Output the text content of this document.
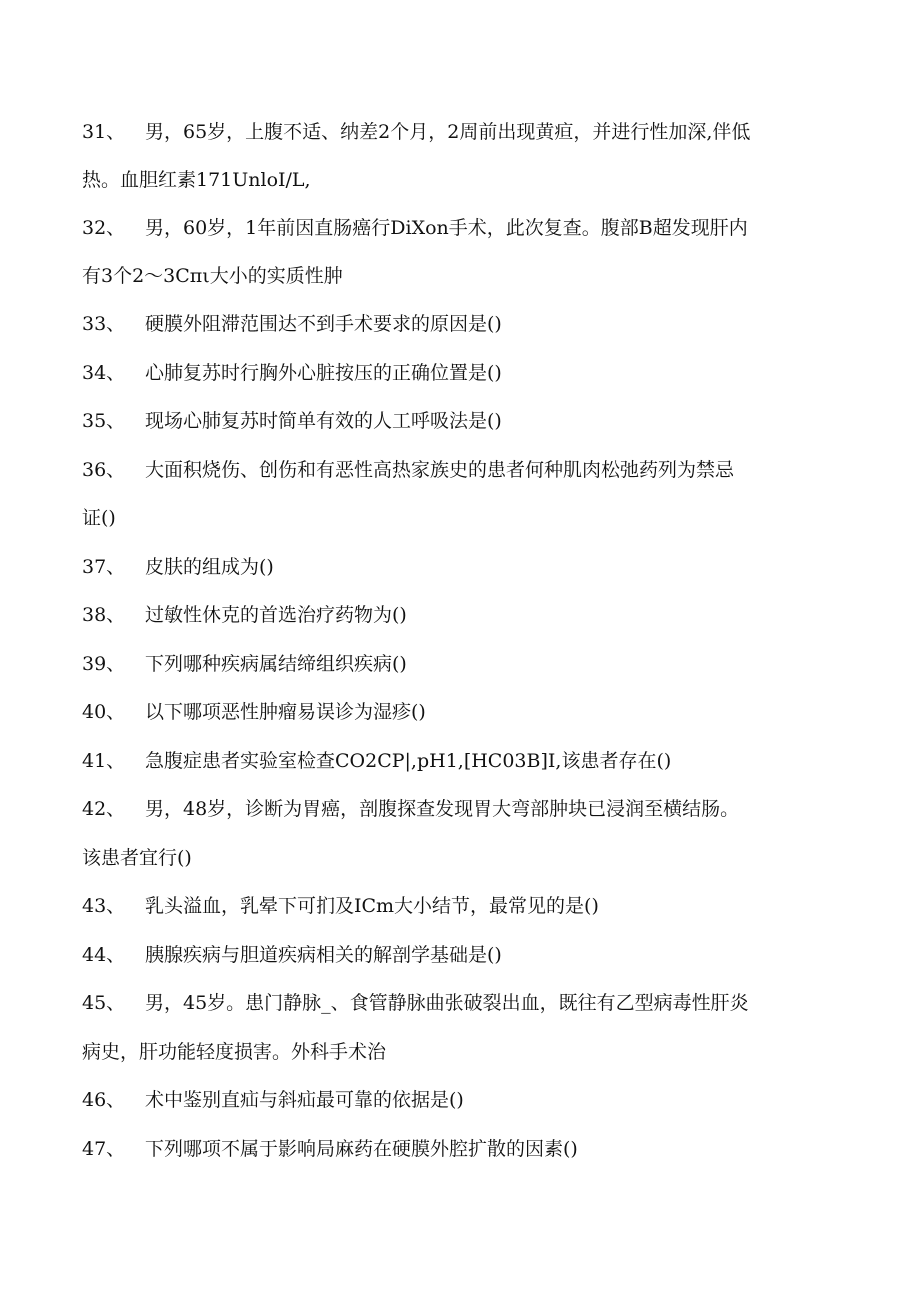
31、 男，65岁，上腹不适、纳差2个月，2周前出现黄疸，并进行性加深,伴低
热。血胆红素171UnloI/L,
32、 男，60岁，1年前因直肠癌行DiXon手术，此次复查。腹部B超发现肝内
有3个2～3Cπι大小的实质性肿
33、 硬膜外阻滞范围达不到手术要求的原因是()
34、 心肺复苏时行胸外心脏按压的正确位置是()
35、 现场心肺复苏时简单有效的人工呼吸法是()
36、 大面积烧伤、创伤和有恶性高热家族史的患者何种肌肉松弛药列为禁忌
证()
37、 皮肤的组成为()
38、 过敏性休克的首选治疗药物为()
39、 下列哪种疾病属结缔组织疾病()
40、 以下哪项恶性肿瘤易误诊为湿疹()
41、 急腹症患者实验室检查CO2CP|,pH1,[HC03B]I,该患者存在()
42、 男，48岁，诊断为胃癌，剖腹探查发现胃大弯部肿块已浸润至横结肠。
该患者宜行()
43、 乳头溢血，乳晕下可扪及ICm大小结节，最常见的是()
44、 胰腺疾病与胆道疾病相关的解剖学基础是()
45、 男，45岁。患门静脉_、食管静脉曲张破裂出血，既往有乙型病毒性肝炎
病史，肝功能轻度损害。外科手术治
46、 术中鉴别直疝与斜疝最可靠的依据是()
47、 下列哪项不属于影响局麻药在硬膜外腔扩散的因素()
